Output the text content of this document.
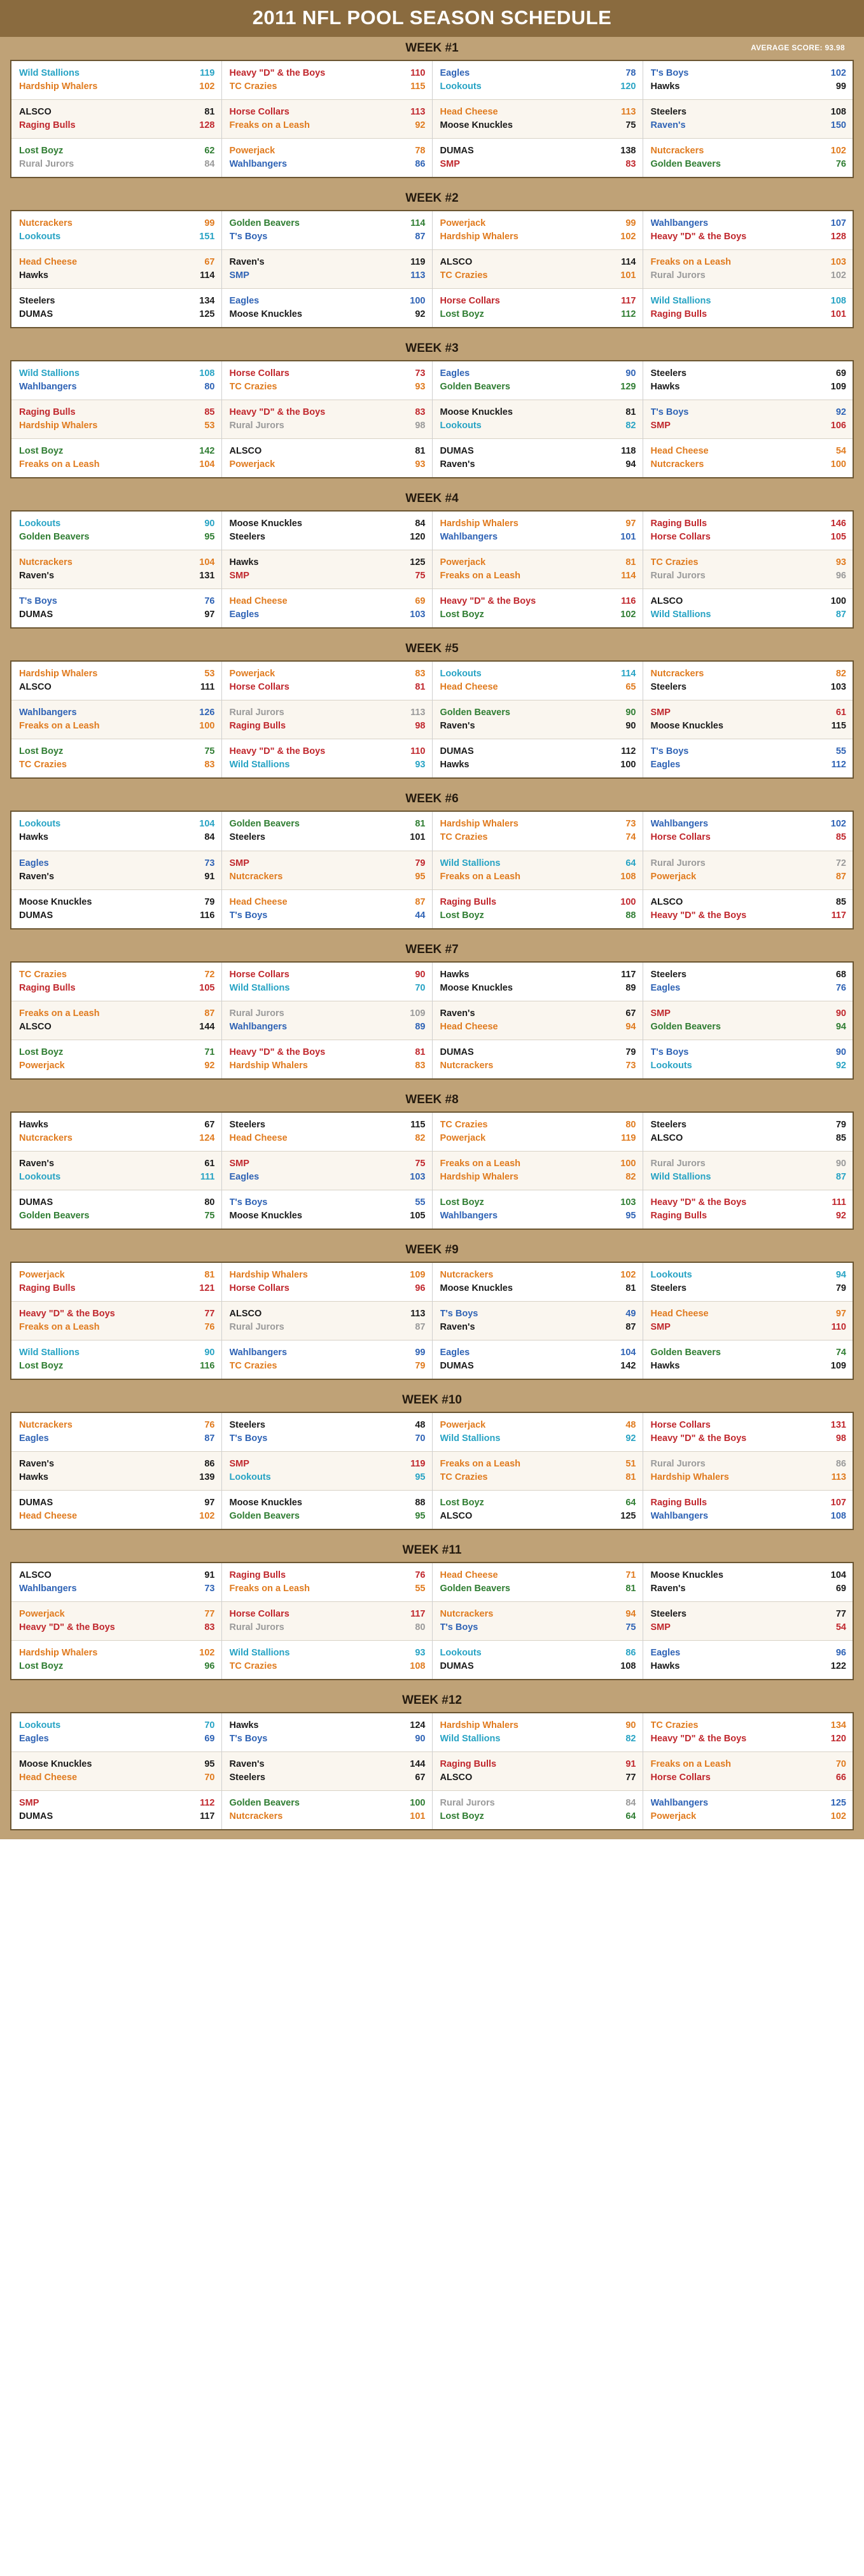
2011 NFL POOL SEASON SCHEDULE
WEEK #1	AVERAGE SCORE: 93.98
Wild Stallions	119
Hardship Whalers	102

Heavy "D" & the Boys	110
TC Crazies	115

Eagles	78
Lookouts	120

T's Boys	102
Hawks	99

ALSCO	81
Raging Bulls	128

Horse Collars	113
Freaks on a Leash	92

Head Cheese	113
Moose Knuckles	75

Steelers	108
Raven's	150

Lost Boyz	62
Rural Jurors	84

Powerjack	78
Wahlbangers	86

DUMAS	138
SMP	83

Nutcrackers	102
Golden Beavers	76
WEEK #2
Nutcrackers	99
Lookouts	151

Golden Beavers	114
T's Boys	87

Powerjack	99
Hardship Whalers	102

Wahlbangers	107
Heavy "D" & the Boys	128

Head Cheese	67
Hawks	114

Raven's	119
SMP	113

ALSCO	114
TC Crazies	101

Freaks on a Leash	103
Rural Jurors	102

Steelers	134
DUMAS	125

Eagles	100
Moose Knuckles	92

Horse Collars	117
Lost Boyz	112

Wild Stallions	108
Raging Bulls	101
WEEK #3
Wild Stallions	108
Wahlbangers	80

Horse Collars	73
TC Crazies	93

Eagles	90
Golden Beavers	129

Steelers	69
Hawks	109

Raging Bulls	85
Hardship Whalers	53

Heavy "D" & the Boys	83
Rural Jurors	98

Moose Knuckles	81
Lookouts	82

T's Boys	92
SMP	106

Lost Boyz	142
Freaks on a Leash	104

ALSCO	81
Powerjack	93

DUMAS	118
Raven's	94

Head Cheese	54
Nutcrackers	100
WEEK #4
Lookouts	90
Golden Beavers	95

Moose Knuckles	84
Steelers	120

Hardship Whalers	97
Wahlbangers	101

Raging Bulls	146
Horse Collars	105

Nutcrackers	104
Raven's	131

Hawks	125
SMP	75

Powerjack	81
Freaks on a Leash	114

TC Crazies	93
Rural Jurors	96

T's Boys	76
DUMAS	97

Head Cheese	69
Eagles	103

Heavy "D" & the Boys	116
Lost Boyz	102

ALSCO	100
Wild Stallions	87
WEEK #5
Hardship Whalers	53
ALSCO	111

Powerjack	83
Horse Collars	81

Lookouts	114
Head Cheese	65

Nutcrackers	82
Steelers	103

Wahlbangers	126
Freaks on a Leash	100

Rural Jurors	113
Raging Bulls	98

Golden Beavers	90
Raven's	90

SMP	61
Moose Knuckles	115

Lost Boyz	75
TC Crazies	83

Heavy "D" & the Boys	110
Wild Stallions	93

DUMAS	112
Hawks	100

T's Boys	55
Eagles	112
WEEK #6
Lookouts	104
Hawks	84

Golden Beavers	81
Steelers	101

Hardship Whalers	73
TC Crazies	74

Wahlbangers	102
Horse Collars	85

Eagles	73
Raven's	91

SMP	79
Nutcrackers	95

Wild Stallions	64
Freaks on a Leash	108

Rural Jurors	72
Powerjack	87

Moose Knuckles	79
DUMAS	116

Head Cheese	87
T's Boys	44

Raging Bulls	100
Lost Boyz	88

ALSCO	85
Heavy "D" & the Boys	117
WEEK #7
TC Crazies	72
Raging Bulls	105

Horse Collars	90
Wild Stallions	70

Hawks	117
Moose Knuckles	89

Steelers	68
Eagles	76

Freaks on a Leash	87
ALSCO	144

Rural Jurors	109
Wahlbangers	89

Raven's	67
Head Cheese	94

SMP	90
Golden Beavers	94

Lost Boyz	71
Powerjack	92

Heavy "D" & the Boys	81
Hardship Whalers	83

DUMAS	79
Nutcrackers	73

T's Boys	90
Lookouts	92
WEEK #8
Hawks	67
Nutcrackers	124

Steelers	115
Head Cheese	82

TC Crazies	80
Powerjack	119

Steelers	79
ALSCO	85

Raven's	61
Lookouts	111

SMP	75
Eagles	103

Freaks on a Leash	100
Hardship Whalers	82

Rural Jurors	90
Wild Stallions	87

DUMAS	80
Golden Beavers	75

T's Boys	55
Moose Knuckles	105

Lost Boyz	103
Wahlbangers	95

Heavy "D" & the Boys	111
Raging Bulls	92
WEEK #9
Powerjack	81
Raging Bulls	121

Hardship Whalers	109
Horse Collars	96

Nutcrackers	102
Moose Knuckles	81

Lookouts	94
Steelers	79

Heavy "D" & the Boys	77
Freaks on a Leash	76

ALSCO	113
Rural Jurors	87

T's Boys	49
Raven's	87

Head Cheese	97
SMP	110

Wild Stallions	90
Lost Boyz	116

Wahlbangers	99
TC Crazies	79

Eagles	104
DUMAS	142

Golden Beavers	74
Hawks	109
WEEK #10
Nutcrackers	76
Eagles	87

Steelers	48
T's Boys	70

Powerjack	48
Wild Stallions	92

Horse Collars	131
Heavy "D" & the Boys	98

Raven's	86
Hawks	139

SMP	119
Lookouts	95

Freaks on a Leash	51
TC Crazies	81

Rural Jurors	86
Hardship Whalers	113

DUMAS	97
Head Cheese	102

Moose Knuckles	88
Golden Beavers	95

Lost Boyz	64
ALSCO	125

Raging Bulls	107
Wahlbangers	108
WEEK #11
ALSCO	91
Wahlbangers	73

Raging Bulls	76
Freaks on a Leash	55

Head Cheese	71
Golden Beavers	81

Moose Knuckles	104
Raven's	69

Powerjack	77
Heavy "D" & the Boys	83

Horse Collars	117
Rural Jurors	80

Nutcrackers	94
T's Boys	75

Steelers	77
SMP	54

Hardship Whalers	102
Lost Boyz	96

Wild Stallions	93
TC Crazies	108

Lookouts	86
DUMAS	108

Eagles	96
Hawks	122
WEEK #12
Lookouts	70
Eagles	69

Hawks	124
T's Boys	90

Hardship Whalers	90
Wild Stallions	82

TC Crazies	134
Heavy "D" & the Boys	120

Moose Knuckles	95
Head Cheese	70

Raven's	144
Steelers	67

Raging Bulls	91
ALSCO	77

Freaks on a Leash	70
Horse Collars	66

SMP	112
DUMAS	117

Golden Beavers	100
Nutcrackers	101

Rural Jurors	84
Lost Boyz	64

Wahlbangers	125
Powerjack	102
